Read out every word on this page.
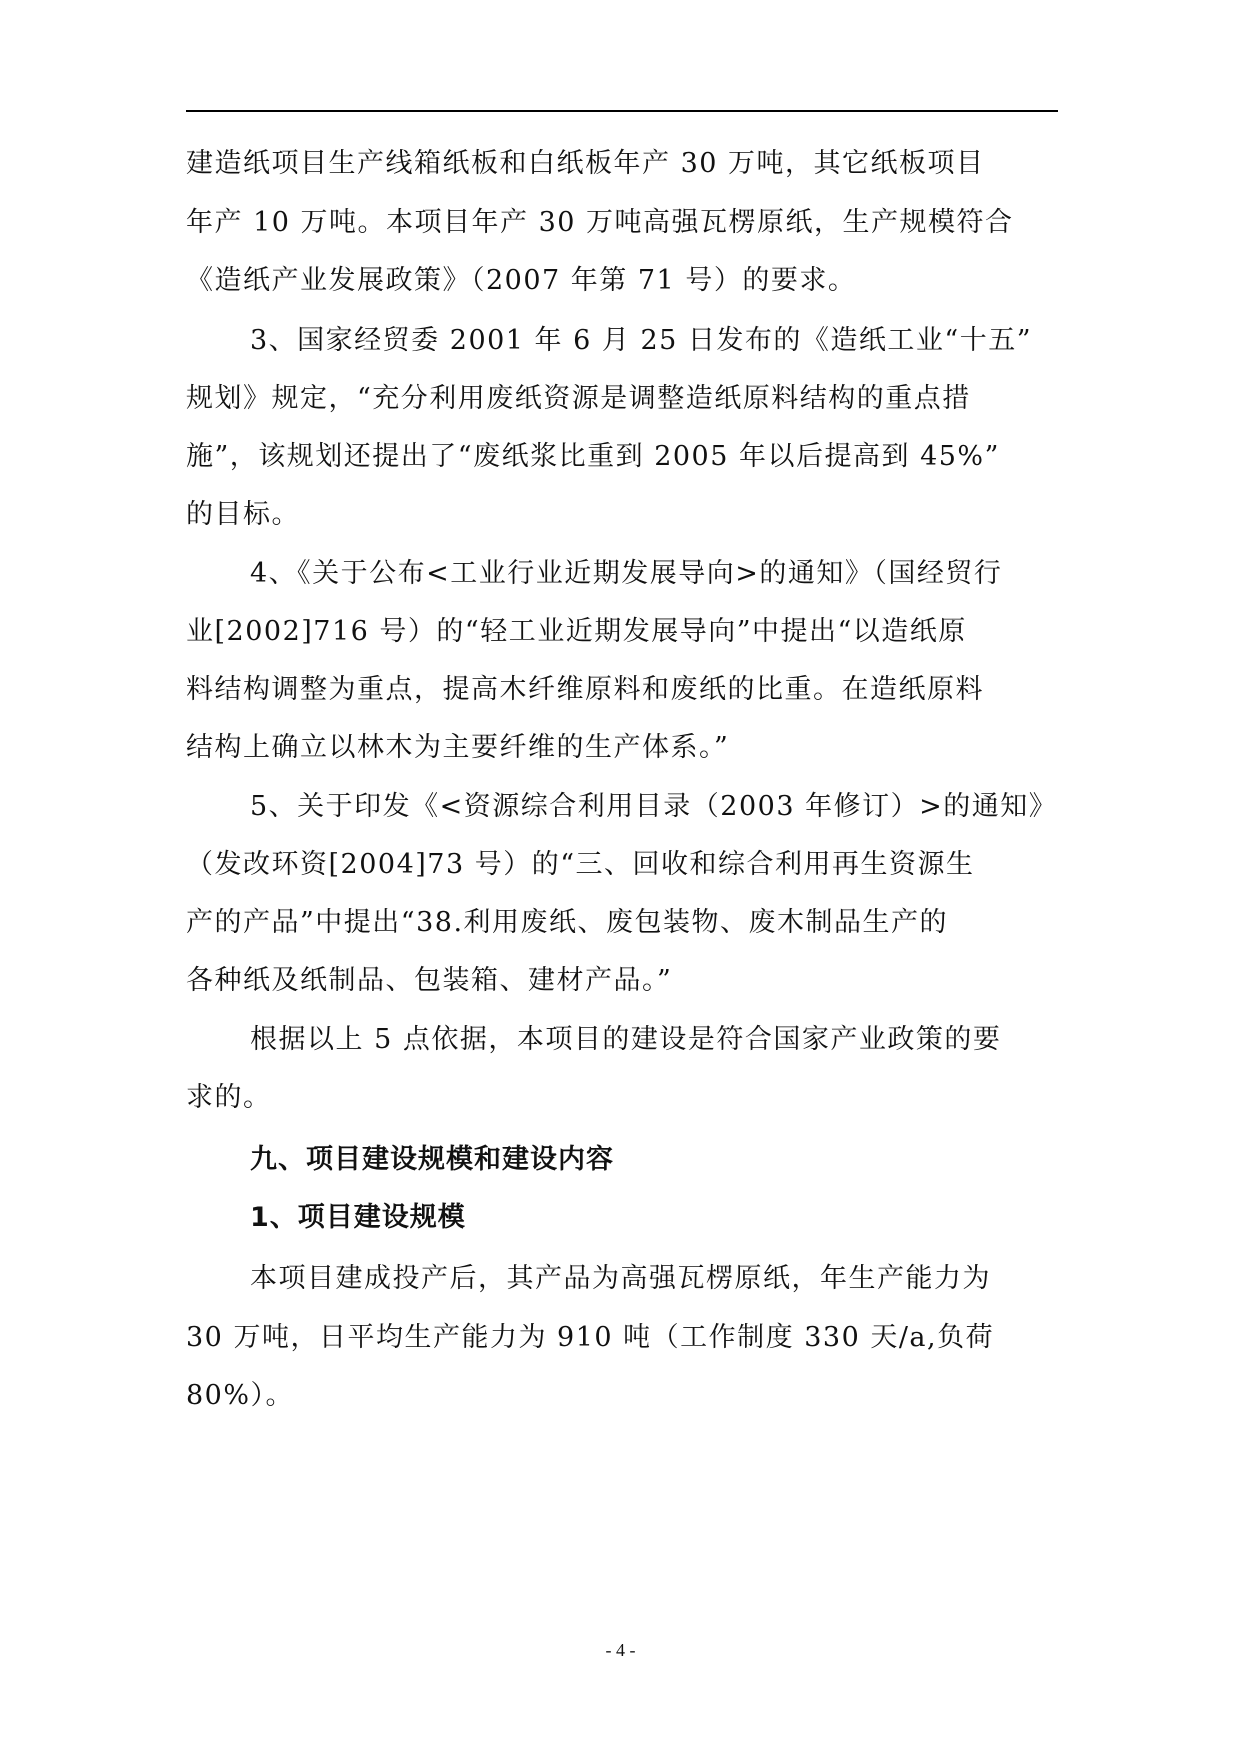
建造纸项目生产线箱纸板和白纸板年产 30 万吨，其它纸板项目
年产 10 万吨。本项目年产 30 万吨高强瓦楞原纸，生产规模符合
《造纸产业发展政策》（2007 年第 71 号）的要求。
3、国家经贸委 2001 年 6 月 25 日发布的《造纸工业“十五”
规划》规定，“充分利用废纸资源是调整造纸原料结构的重点措
施”，该规划还提出了“废纸浆比重到 2005 年以后提高到 45%”
的目标。
4、《关于公布<工业行业近期发展导向>的通知》（国经贸行
业[2002]716 号）的“轻工业近期发展导向”中提出“以造纸原
料结构调整为重点，提高木纤维原料和废纸的比重。在造纸原料
结构上确立以林木为主要纤维的生产体系。”
5、关于印发《<资源综合利用目录（2003 年修订）>的通知》
（发改环资[2004]73 号）的“三、回收和综合利用再生资源生
产的产品”中提出“38.利用废纸、废包装物、废木制品生产的
各种纸及纸制品、包装箱、建材产品。”
根据以上 5 点依据，本项目的建设是符合国家产业政策的要
求的。
九、项目建设规模和建设内容
1、项目建设规模
本项目建成投产后，其产品为高强瓦楞原纸，年生产能力为
30 万吨，日平均生产能力为 910 吨（工作制度 330 天/a,负荷
80%）。
- 4 -
